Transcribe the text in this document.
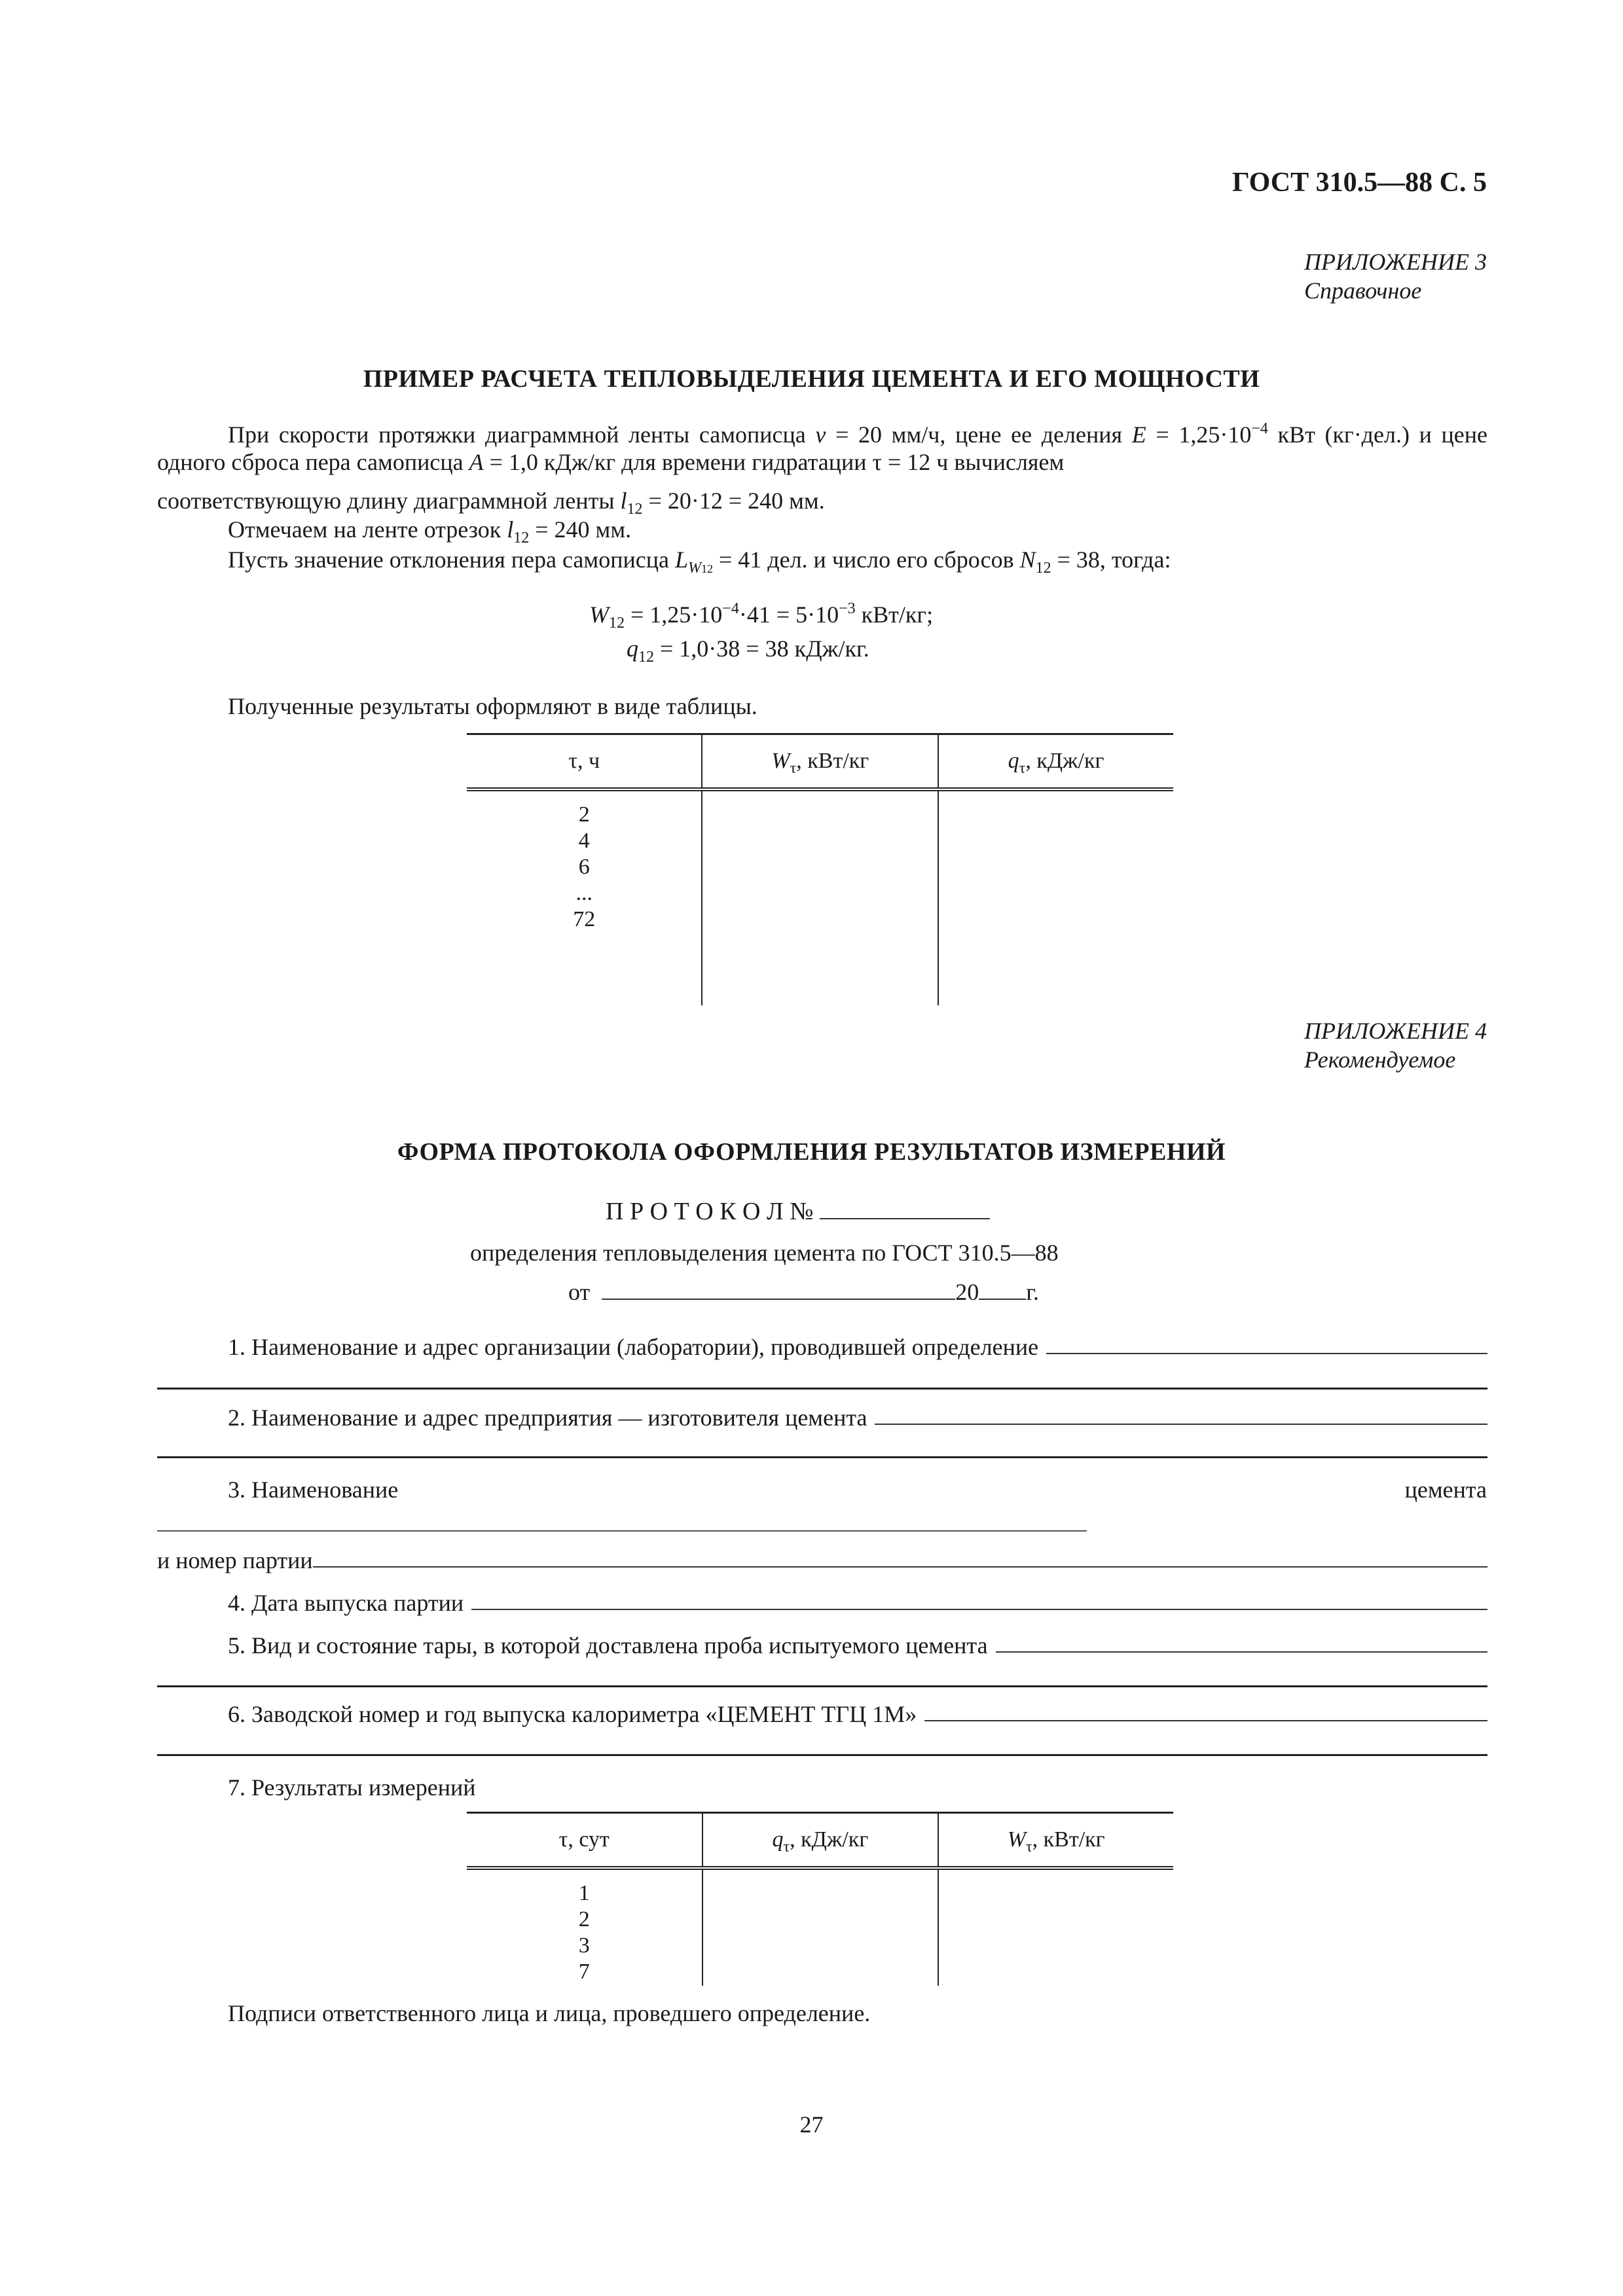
ГОСТ 310.5—88 С. 5
ПРИЛОЖЕНИЕ 3
Справочное
ПРИМЕР РАСЧЕТА ТЕПЛОВЫДЕЛЕНИЯ ЦЕМЕНТА И ЕГО МОЩНОСТИ
При скорости протяжки диаграммной ленты самописца v = 20 мм/ч, цене ее деления $E = 1,25\cdot 10^{-4}$ кВт (кг·дел.) и цене одного сброса пера самописца A = 1,0 кДж/кг для времени гидратации τ = 12 ч вычисляем
соответствующую длину диаграммной ленты $l_{12} = 20\cdot 12 = 240$ мм.
Отмечаем на ленте отрезок $l_{12} = 240$ мм.
Пусть значение отклонения пера самописца $L_{W12} = 41$ дел. и число его сбросов $N_{12} = 38$, тогда:
$W_{12} = 1,25\cdot 10^{-4}\cdot 41 = 5\cdot 10^{-3}$ кВт/кг;
$q_{12} = 1,0\cdot 38 = 38$ кДж/кг.
Полученные результаты оформляют в виде таблицы.
τ, ч	$W_\tau$, кВт/кг	$q_\tau$, кДж/кг

2
4
6
...
72		

ПРИЛОЖЕНИЕ 4
Рекомендуемое
ФОРМА ПРОТОКОЛА ОФОРМЛЕНИЯ РЕЗУЛЬТАТОВ ИЗМЕРЕНИЙ
П Р О Т О К О Л №
определения тепловыделения цемента по ГОСТ 310.5—88
от	20 г.
1. Наименование и адрес организации (лаборатории), проводившей определение
2. Наименование и адрес предприятия — изготовителя цемента
3. Наименование	цемента
и номер партии
4. Дата выпуска партии
5. Вид и состояние тары, в которой доставлена проба испытуемого цемента
6. Заводской номер и год выпуска калориметра «ЦЕМЕНТ ТГЦ 1М»
7. Результаты измерений
τ, сут	$q_\tau$, кДж/кг	$W_\tau$, кВт/кг

1
2
3
7		

Подписи ответственного лица и лица, проведшего определение.
27
